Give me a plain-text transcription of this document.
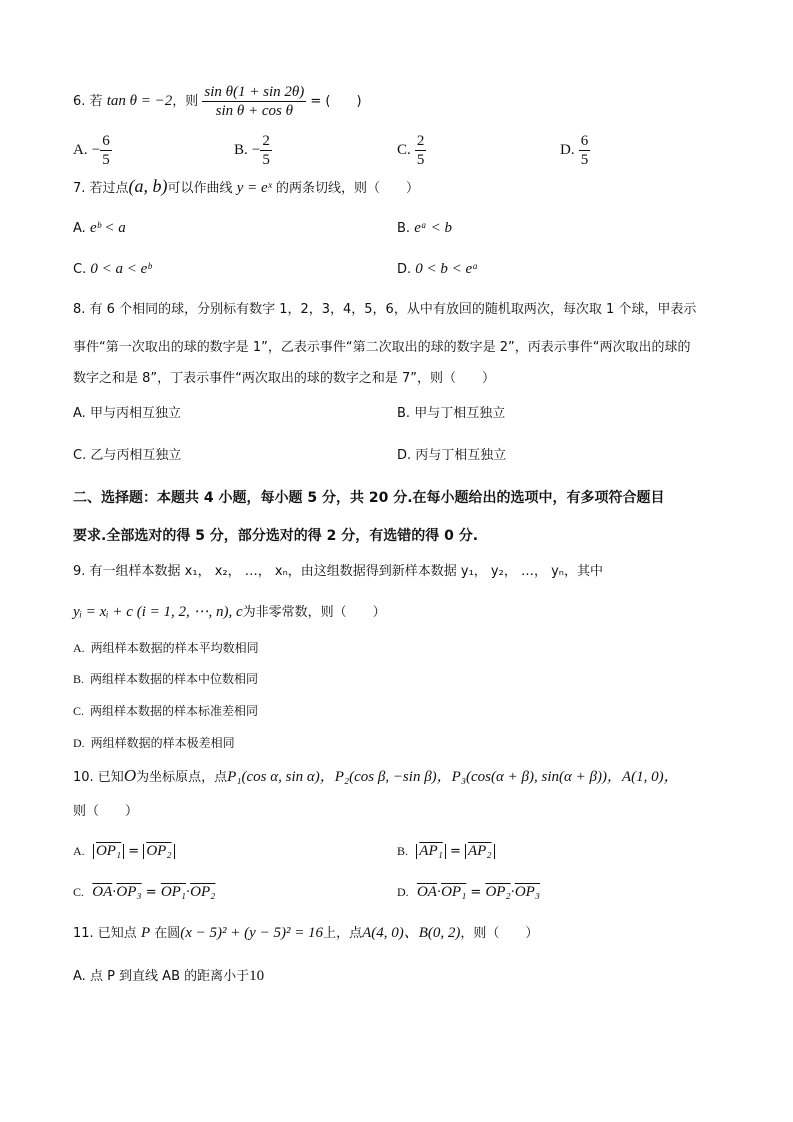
6. 若 tan θ = −2，则 $\frac{\text{sin θ(1 + sin 2θ)}}{\text{sin θ + cos θ}}$ = (　　)
A. − $\frac{6}{5}$	B. − $\frac{2}{5}$	C. $\frac{2}{5}$	D. $\frac{6}{5}$
7. 若过点(a, b)可以作曲线 y = eˣ 的两条切线，则（　　）
A. eᵇ < a	B. eᵃ < b
C. 0 < a < eᵇ	D. 0 < b < eᵃ
8. 有 6 个相同的球，分别标有数字 1，2，3，4，5，6，从中有放回的随机取两次，每次取 1 个球，甲表示
事件“第一次取出的球的数字是 1”，乙表示事件“第二次取出的球的数字是 2”，丙表示事件“两次取出的球的
数字之和是 8”，丁表示事件“两次取出的球的数字之和是 7”，则（　　）
A. 甲与丙相互独立	B. 甲与丁相互独立
C. 乙与丙相互独立	D. 丙与丁相互独立
二、选择题：本题共 4 小题，每小题 5 分，共 20 分.在每小题给出的选项中，有多项符合题目
要求.全部选对的得 5 分，部分选对的得 2 分，有选错的得 0 分.
9. 有一组样本数据 x₁， x₂， …， xₙ，由这组数据得到新样本数据 y₁， y₂， …， yₙ，其中
yᵢ = xᵢ + c (i = 1, 2, ⋯, n), c为非零常数，则（　　）
A. 两组样本数据的样本平均数相同
B. 两组样本数据的样本中位数相同
C. 两组样本数据的样本标准差相同
D. 两组样数据的样本极差相同
10. 已知O为坐标原点，点P₁(cos α, sin α)，P₂(cos β, −sin β)，P₃(cos(α + β), sin(α + β))，A(1, 0)，
则（　　）
A. OP₁ = OP₂	B. AP₁ = AP₂
C. $\overline{OA}\cdot OP_3 = OP_1\cdot OP_2$	D. $\overline{OA}\cdot OP_1 = OP_2\cdot OP_3$
11. 已知点 P 在圆(x − 5)² + (y − 5)² = 16上，点A(4, 0)、B(0, 2)，则（　　）
A. 点 P 到直线 AB 的距离小于10
